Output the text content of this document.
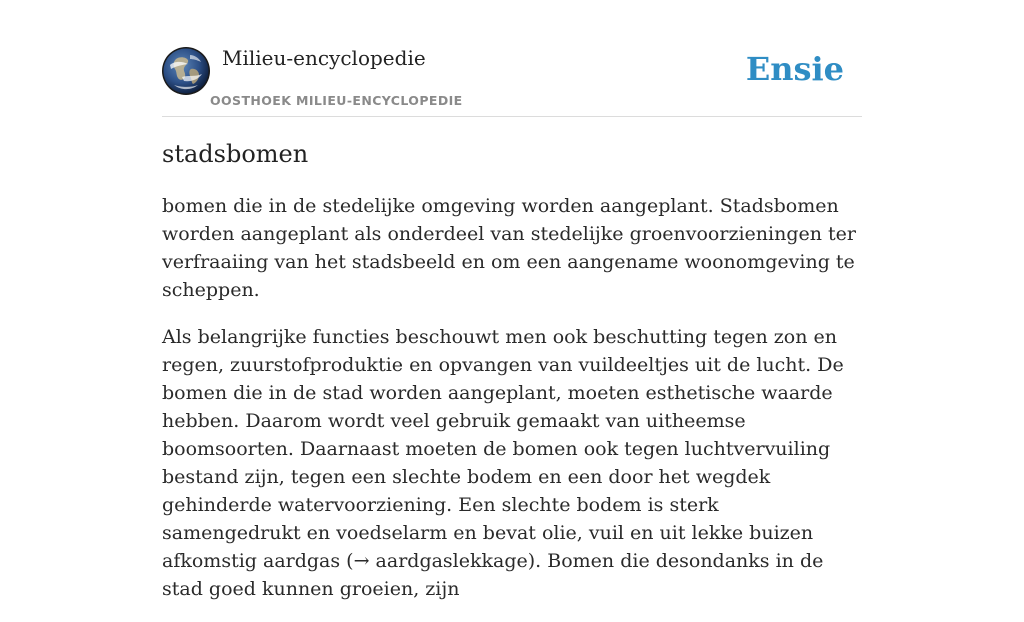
Milieu-encyclopedie
OOSTHOEK MILIEU-ENCYCLOPEDIE
Ensie
stadsbomen

bomen die in de stedelijke omgeving worden aangeplant. Stadsbomen worden aangeplant als onderdeel van stedelijke groenvoorzieningen ter verfraaiing van het stadsbeeld en om een aangename woonomgeving te scheppen.

Als belangrijke functies beschouwt men ook beschutting tegen zon en regen, zuurstofproduktie en opvangen van vuildeeltjes uit de lucht. De bomen die in de stad worden aangeplant, moeten esthetische waarde hebben. Daarom wordt veel gebruik gemaakt van uitheemse boomsoorten. Daarnaast moeten de bomen ook tegen luchtvervuiling bestand zijn, tegen een slechte bodem en een door het wegdek gehinderde watervoorziening. Een slechte bodem is sterk samengedrukt en voedselarm en bevat olie, vuil en uit lekke buizen afkomstig aardgas (→ aardgaslekkage). Bomen die desondanks in de stad goed kunnen groeien, zijn
